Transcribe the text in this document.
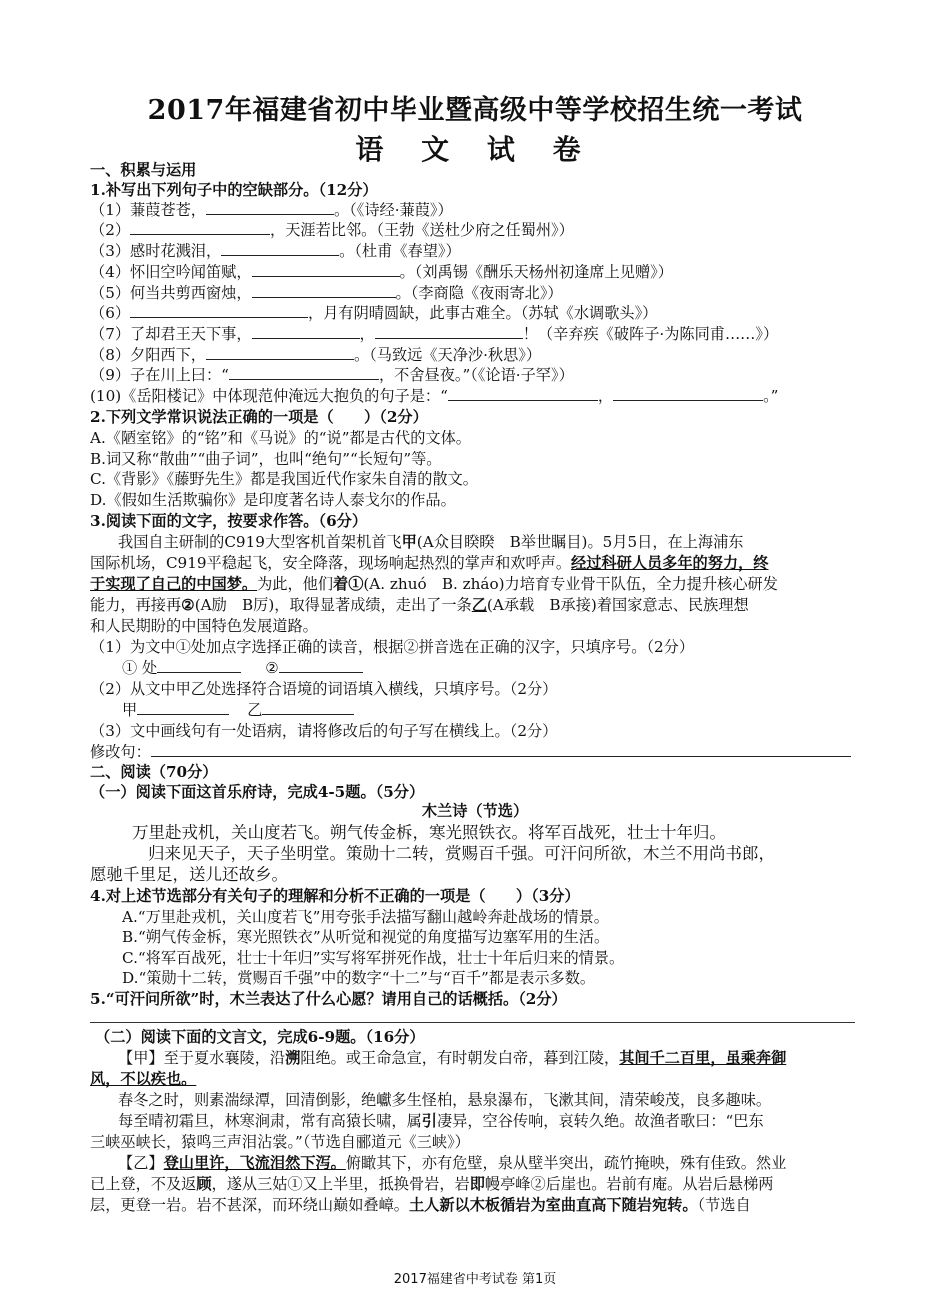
2017年福建省初中毕业暨高级中等学校招生统一考试
语 文 试 卷
一、积累与运用
1.补写出下列句子中的空缺部分。（12分）
（1）蒹葭苍苍，	。（《诗经·蒹葭》）
（2）	，天涯若比邻。（王勃《送杜少府之任蜀州》）
（3）感时花溅泪，	。（杜甫《春望》）
（4）怀旧空吟闻笛赋，	。（刘禹锡《酬乐天杨州初逢席上见赠》）
（5）何当共剪西窗烛，	。（李商隐《夜雨寄北》）
（6）	，月有阴晴圆缺，此事古难全。（苏轼《水调歌头》）
（7）了却君王天下事，	，	！（辛弃疾《破阵子·为陈同甫……》）
（8）夕阳西下，	。（马致远《天净沙·秋思》）
（9）子在川上曰：“	，不舍昼夜。”（《论语·子罕》）
(10)《岳阳楼记》中体现范仲淹远大抱负的句子是：“	，	。”
2.下列文学常识说法正确的一项是（　　）（2分）
A.《陋室铭》的“铭”和《马说》的“说”都是古代的文体。
B.词又称“散曲”“曲子词”，也叫“绝句”“长短句”等。
C.《背影》《藤野先生》都是我国近代作家朱自清的散文。
D.《假如生活欺骗你》是印度著名诗人泰戈尔的作品。
3.阅读下面的文字，按要求作答。（6分）
我国自主研制的C919大型客机首架机首飞甲(A众目睽睽　B举世瞩目)。5月5日，在上海浦东
国际机场，C919平稳起飞，安全降落，现场响起热烈的掌声和欢呼声。经过科研人员多年的努力，终
于实现了自己的中国梦。为此，他们着①(A. zhuó　B. zháo)力培育专业骨干队伍，全力提升核心研发
能力，再接再②(A励　B厉)，取得显著成绩，走出了一条乙(A承载　B承接)着国家意志、民族理想
和人民期盼的中国特色发展道路。
（1）为文中①处加点字选择正确的读音，根据②拼音选在正确的汉字，只填序号。（2分）
① 处	②
（2）从文中甲乙处选择符合语境的词语填入横线，只填序号。（2分）
甲	乙
（3）文中画线句有一处语病，请将修改后的句子写在横线上。（2分）
修改句：
二、阅读（70分）
（一）阅读下面这首乐府诗，完成4-5题。（5分）
木兰诗（节选）
万里赴戎机，关山度若飞。朔气传金柝，寒光照铁衣。将军百战死，壮士十年归。
归来见天子，天子坐明堂。策勋十二转，赏赐百千强。可汗问所欲，木兰不用尚书郎，
愿驰千里足，送儿还故乡。
4.对上述节选部分有关句子的理解和分析不正确的一项是（　　）（3分）
A.“万里赴戎机，关山度若飞”用夸张手法描写翻山越岭奔赴战场的情景。
B.“朔气传金柝，寒光照铁衣”从听觉和视觉的角度描写边塞军用的生活。
C.“将军百战死，壮士十年归”实写将军拼死作战，壮士十年后归来的情景。
D.“策勋十二转，赏赐百千强”中的数字“十二”与“百千”都是表示多数。
5.“可汗问所欲”时，木兰表达了什么心愿？请用自己的话概括。（2分）
（二）阅读下面的文言文，完成6-9题。（16分）
【甲】至于夏水襄陵，沿溯阻绝。或王命急宣，有时朝发白帝，暮到江陵，其间千二百里，虽乘奔御
风，不以疾也。
春冬之时，则素湍绿潭，回清倒影，绝巘多生怪柏，悬泉瀑布，飞漱其间，清荣峻茂，良多趣味。
每至晴初霜旦，林寒涧肃，常有高猿长啸，属引凄异，空谷传响，哀转久绝。故渔者歌曰：“巴东
三峡巫峡长，猿鸣三声泪沾裳。”（节选自郦道元《三峡》）
【乙】登山里许，飞流泪然下泻。俯瞰其下，亦有危壁，泉从壁半突出，疏竹掩映，殊有佳致。然业
已上登，不及返顾，遂从三姑①又上半里，抵换骨岩，岩即幔亭峰②后崖也。岩前有庵。从岩后悬梯两
层，更登一岩。岩不甚深，而环绕山巅如叠嶂。土人新以木板循岩为室曲直高下随岩宛转。（节选自
2017福建省中考试卷 第1页
